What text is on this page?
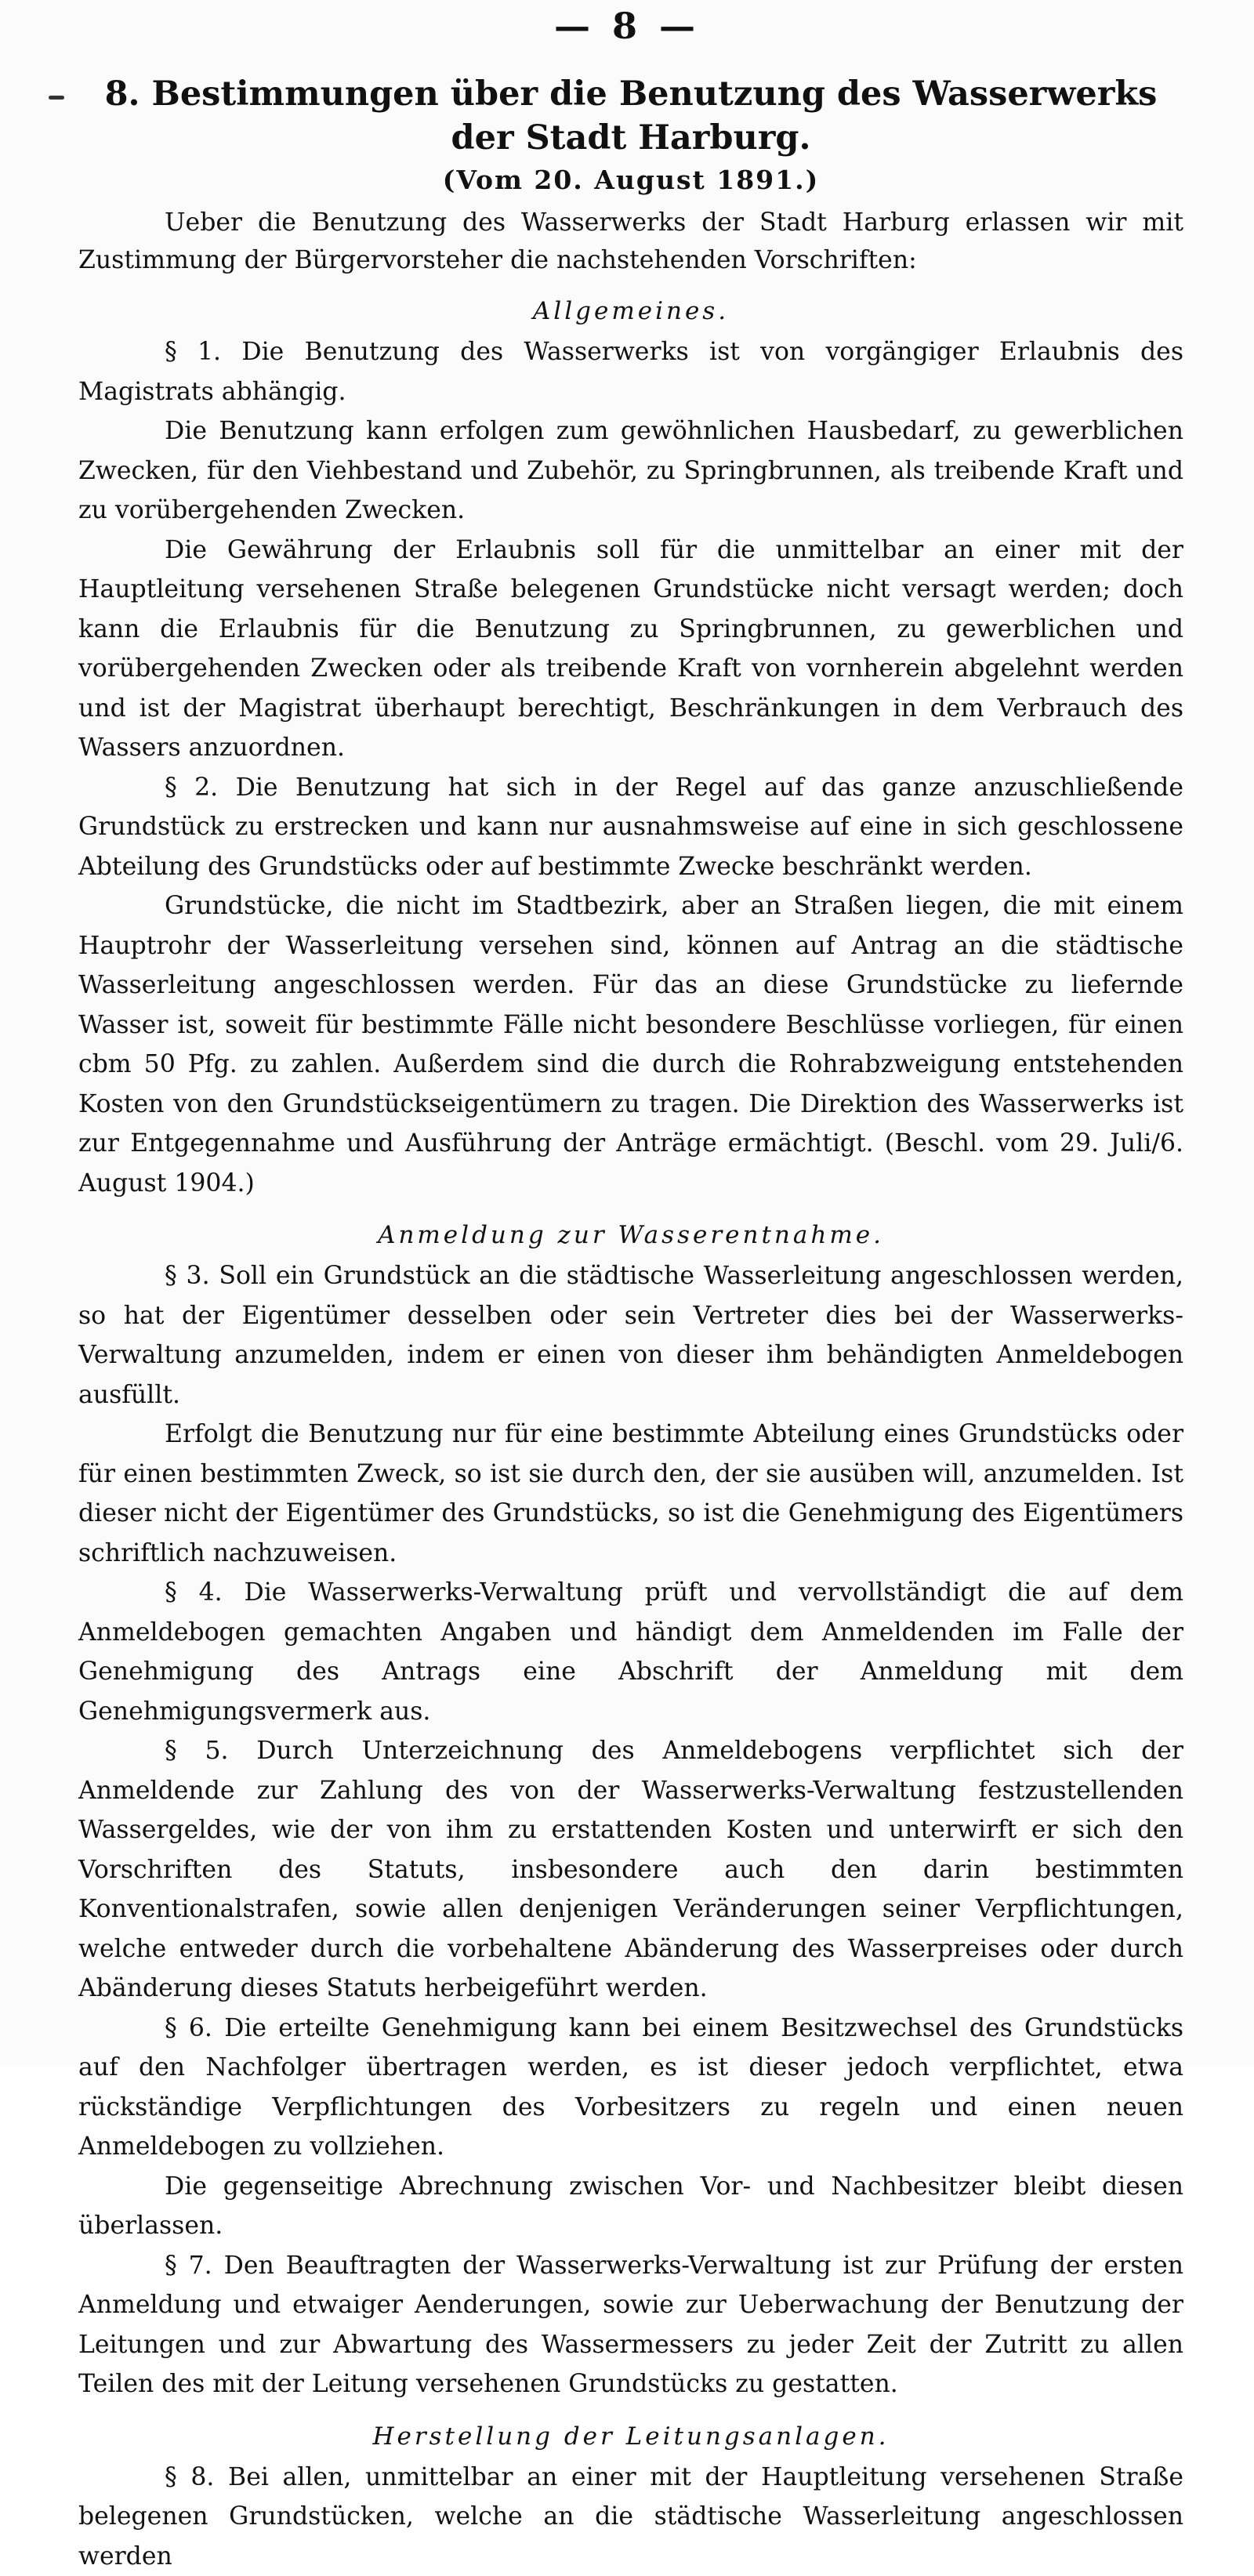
— 8 —
8. Bestimmungen über die Benutzung des Wasserwerks
der Stadt Harburg.
(Vom 20. August 1891.)

Ueber die Benutzung des Wasserwerks der Stadt Harburg erlassen wir mit Zustimmung der Bürgervorsteher die nachstehenden Vorschriften:

Allgemeines.

§ 1. Die Benutzung des Wasserwerks ist von vorgängiger Erlaubnis des Magistrats abhängig.

Die Benutzung kann erfolgen zum gewöhnlichen Hausbedarf, zu gewerblichen Zwecken, für den Viehbestand und Zubehör, zu Springbrunnen, als treibende Kraft und zu vorübergehenden Zwecken.

Die Gewährung der Erlaubnis soll für die unmittelbar an einer mit der Hauptleitung versehenen Straße belegenen Grundstücke nicht versagt werden; doch kann die Erlaubnis für die Benutzung zu Springbrunnen, zu gewerblichen und vorübergehenden Zwecken oder als treibende Kraft von vornherein abgelehnt werden und ist der Magistrat überhaupt berechtigt, Beschränkungen in dem Verbrauch des Wassers anzuordnen.

§ 2. Die Benutzung hat sich in der Regel auf das ganze anzuschließende Grundstück zu erstrecken und kann nur ausnahmsweise auf eine in sich geschlossene Abteilung des Grundstücks oder auf bestimmte Zwecke beschränkt werden.

Grundstücke, die nicht im Stadtbezirk, aber an Straßen liegen, die mit einem Hauptrohr der Wasserleitung versehen sind, können auf Antrag an die städtische Wasserleitung angeschlossen werden. Für das an diese Grundstücke zu liefernde Wasser ist, soweit für bestimmte Fälle nicht besondere Beschlüsse vorliegen, für einen cbm 50 Pfg. zu zahlen. Außerdem sind die durch die Rohrabzweigung entstehenden Kosten von den Grundstückseigentümern zu tragen. Die Direktion des Wasserwerks ist zur Entgegennahme und Ausführung der Anträge ermächtigt. (Beschl. vom 29. Juli/6. August 1904.)

Anmeldung zur Wasserentnahme.

§ 3. Soll ein Grundstück an die städtische Wasserleitung angeschlossen werden, so hat der Eigentümer desselben oder sein Vertreter dies bei der Wasserwerks-Verwaltung anzumelden, indem er einen von dieser ihm behändigten Anmeldebogen ausfüllt.

Erfolgt die Benutzung nur für eine bestimmte Abteilung eines Grundstücks oder für einen bestimmten Zweck, so ist sie durch den, der sie ausüben will, anzumelden. Ist dieser nicht der Eigentümer des Grundstücks, so ist die Genehmigung des Eigentümers schriftlich nachzuweisen.

§ 4. Die Wasserwerks-Verwaltung prüft und vervollständigt die auf dem Anmeldebogen gemachten Angaben und händigt dem Anmeldenden im Falle der Genehmigung des Antrags eine Abschrift der Anmeldung mit dem Genehmigungsvermerk aus.

§ 5. Durch Unterzeichnung des Anmeldebogens verpflichtet sich der Anmeldende zur Zahlung des von der Wasserwerks-Verwaltung festzustellenden Wassergeldes, wie der von ihm zu erstattenden Kosten und unterwirft er sich den Vorschriften des Statuts, insbesondere auch den darin bestimmten Konventionalstrafen, sowie allen denjenigen Veränderungen seiner Verpflichtungen, welche entweder durch die vorbehaltene Abänderung des Wasserpreises oder durch Abänderung dieses Statuts herbeigeführt werden.

§ 6. Die erteilte Genehmigung kann bei einem Besitzwechsel des Grundstücks auf den Nachfolger übertragen werden, es ist dieser jedoch verpflichtet, etwa rückständige Verpflichtungen des Vorbesitzers zu regeln und einen neuen Anmeldebogen zu vollziehen.

Die gegenseitige Abrechnung zwischen Vor- und Nachbesitzer bleibt diesen überlassen.

§ 7. Den Beauftragten der Wasserwerks-Verwaltung ist zur Prüfung der ersten Anmeldung und etwaiger Aenderungen, sowie zur Ueberwachung der Benutzung der Leitungen und zur Abwartung des Wassermessers zu jeder Zeit der Zutritt zu allen Teilen des mit der Leitung versehenen Grundstücks zu gestatten.

Herstellung der Leitungsanlagen.

§ 8. Bei allen, unmittelbar an einer mit der Hauptleitung versehenen Straße belegenen Grundstücken, welche an die städtische Wasserleitung angeschlossen werden
